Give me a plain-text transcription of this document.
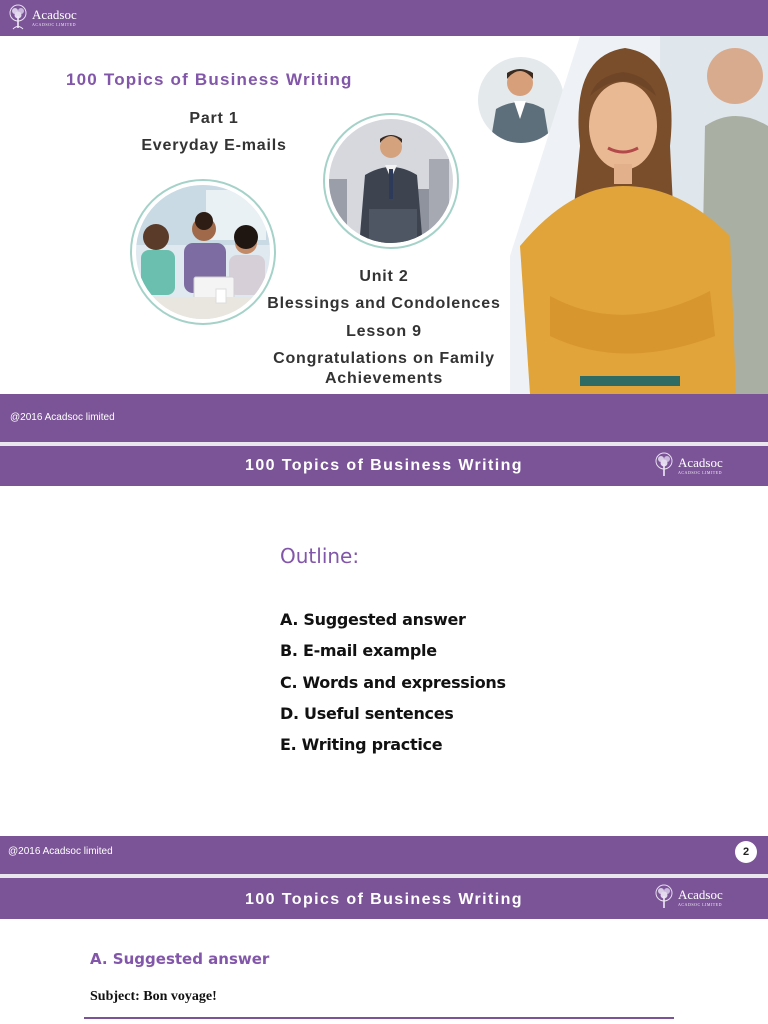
Acadsoc
ACADSOC LIMITED
100 Topics of Business Writing
Part 1
Everyday E-mails
Unit 2
Blessings and Condolences
Lesson 9
Congratulations on Family
Achievements
@2016 Acadsoc limited
100 Topics of Business Writing	Acadsoc
ACADSOC LIMITED
Outline:
A. Suggested answer
B. E-mail example
C. Words and expressions
D. Useful sentences
E. Writing practice
@2016 Acadsoc limited	2
100 Topics of Business Writing	Acadsoc
ACADSOC LIMITED
A. Suggested answer
Subject: Bon voyage!
